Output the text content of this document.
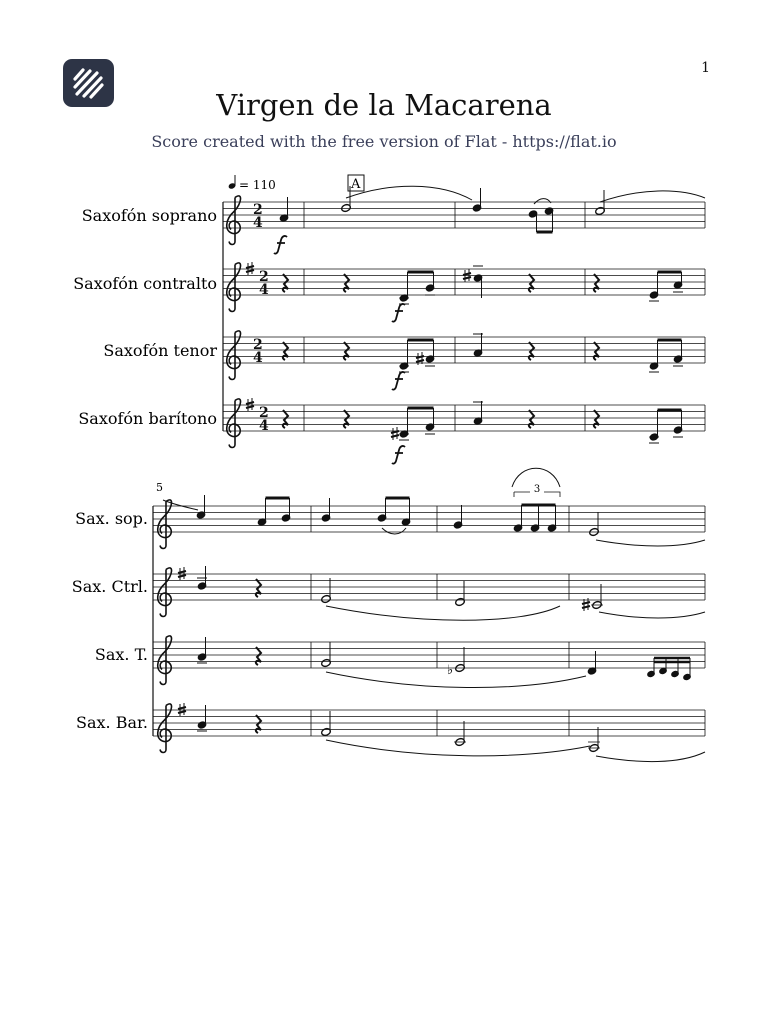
1
Virgen de la Macarena
Score created with the free version of Flat - https://flat.io
= 110	A
Saxofón soprano
Saxofón contralto
Saxofón tenor
Saxofón barítono
2
4
2
4
2
4
2
4
5
Sax. sop.
Sax. Ctrl.
Sax. T.
Sax. Bar.
3
♭
